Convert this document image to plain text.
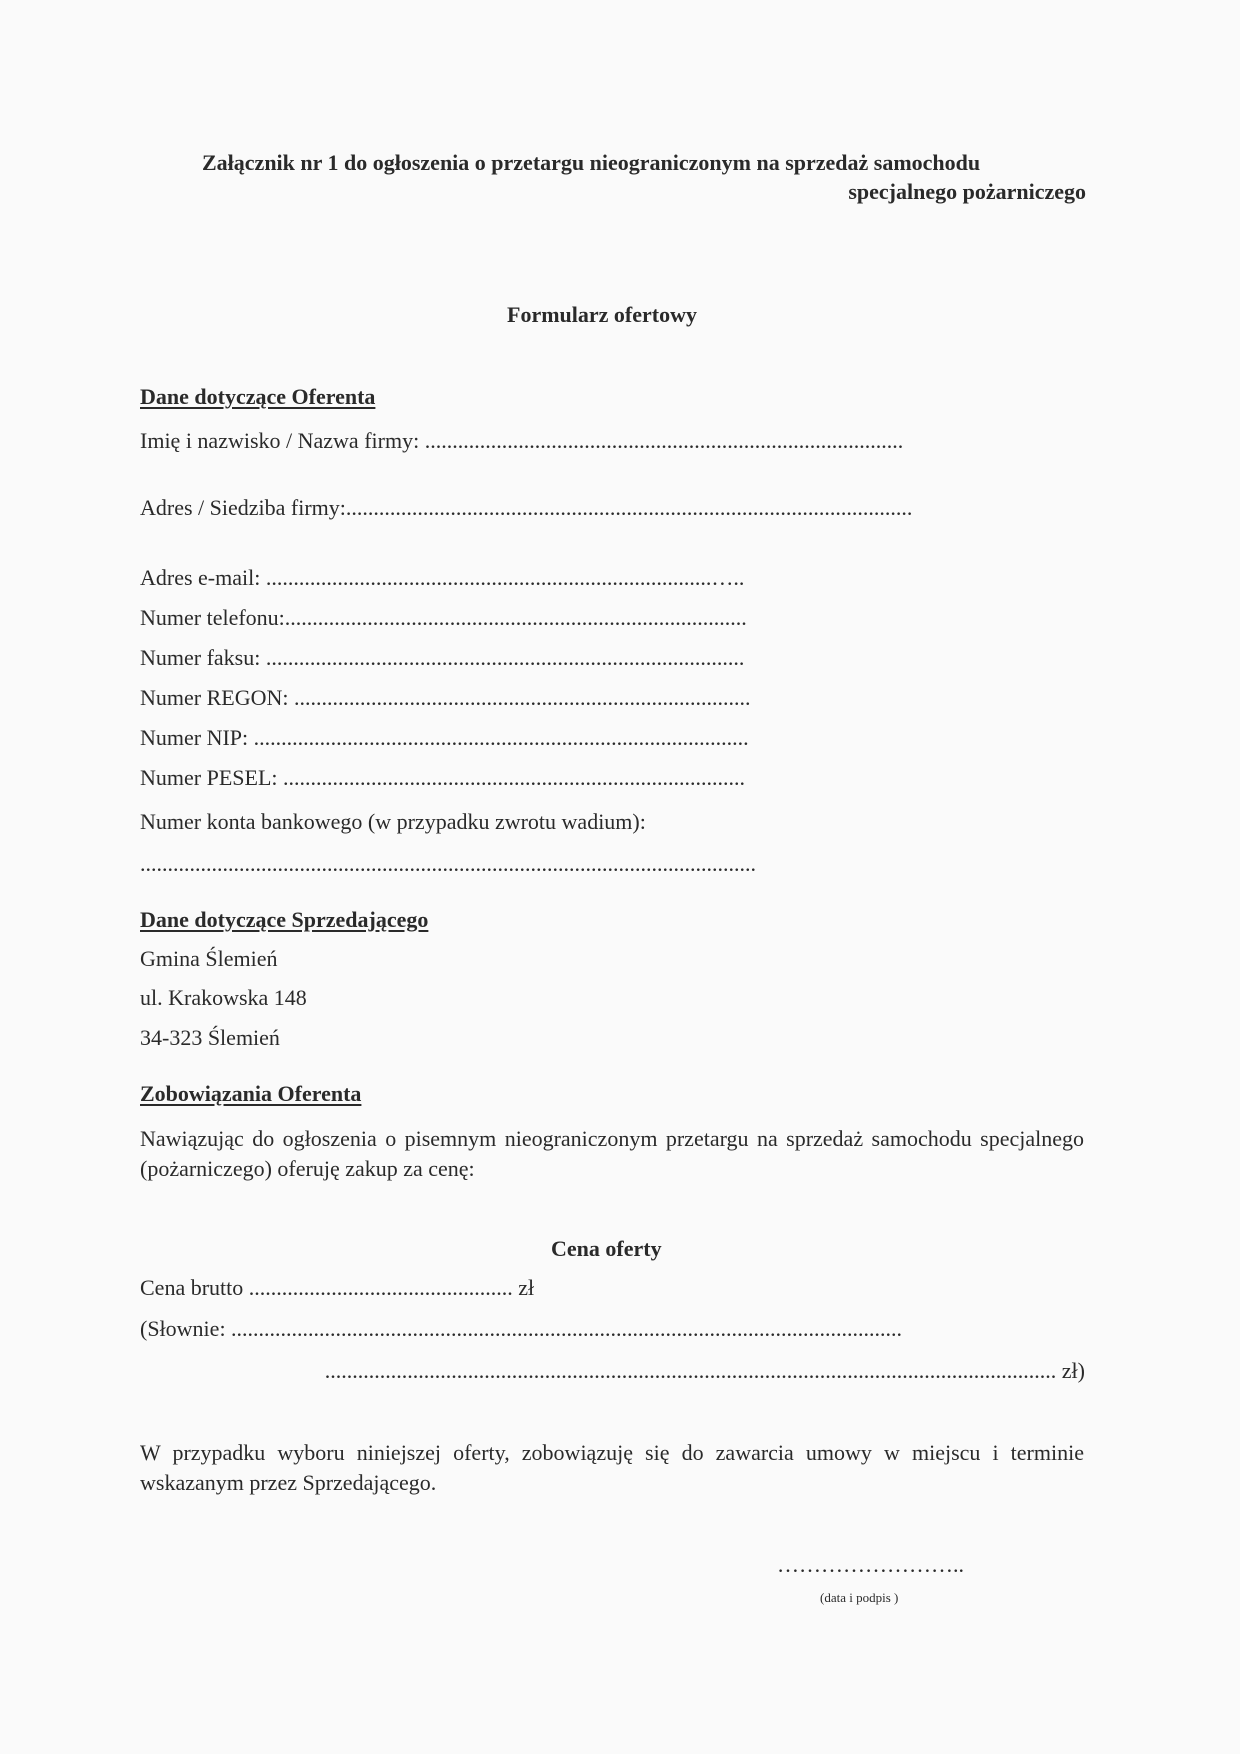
Załącznik nr 1 do ogłoszenia o przetargu nieograniczonym na sprzedaż samochodu
specjalnego pożarniczego
Formularz ofertowy
Dane dotyczące Oferenta
Imię i nazwisko / Nazwa firmy: .......................................................................................
Adres / Siedziba firmy:.......................................................................................................
Adres e-mail: .................................................................................…..
Numer telefonu:....................................................................................
Numer faksu: .......................................................................................
Numer REGON: ...................................................................................
Numer NIP: ..........................................................................................
Numer PESEL: ....................................................................................
Numer konta bankowego (w przypadku zwrotu wadium):
................................................................................................................
Dane dotyczące Sprzedającego
Gmina Ślemień
ul. Krakowska 148
34-323 Ślemień
Zobowiązania Oferenta
Nawiązując do ogłoszenia o pisemnym nieograniczonym przetargu na sprzedaż samochodu specjalnego (pożarniczego) oferuję zakup za cenę:
Cena oferty
Cena brutto ................................................ zł
(Słownie: ..........................................................................................................................
..................................................................................................................................... zł)
W przypadku wyboru niniejszej oferty, zobowiązuję się do zawarcia umowy w miejscu i terminie wskazanym przez Sprzedającego.
……………………..
(data i podpis )
